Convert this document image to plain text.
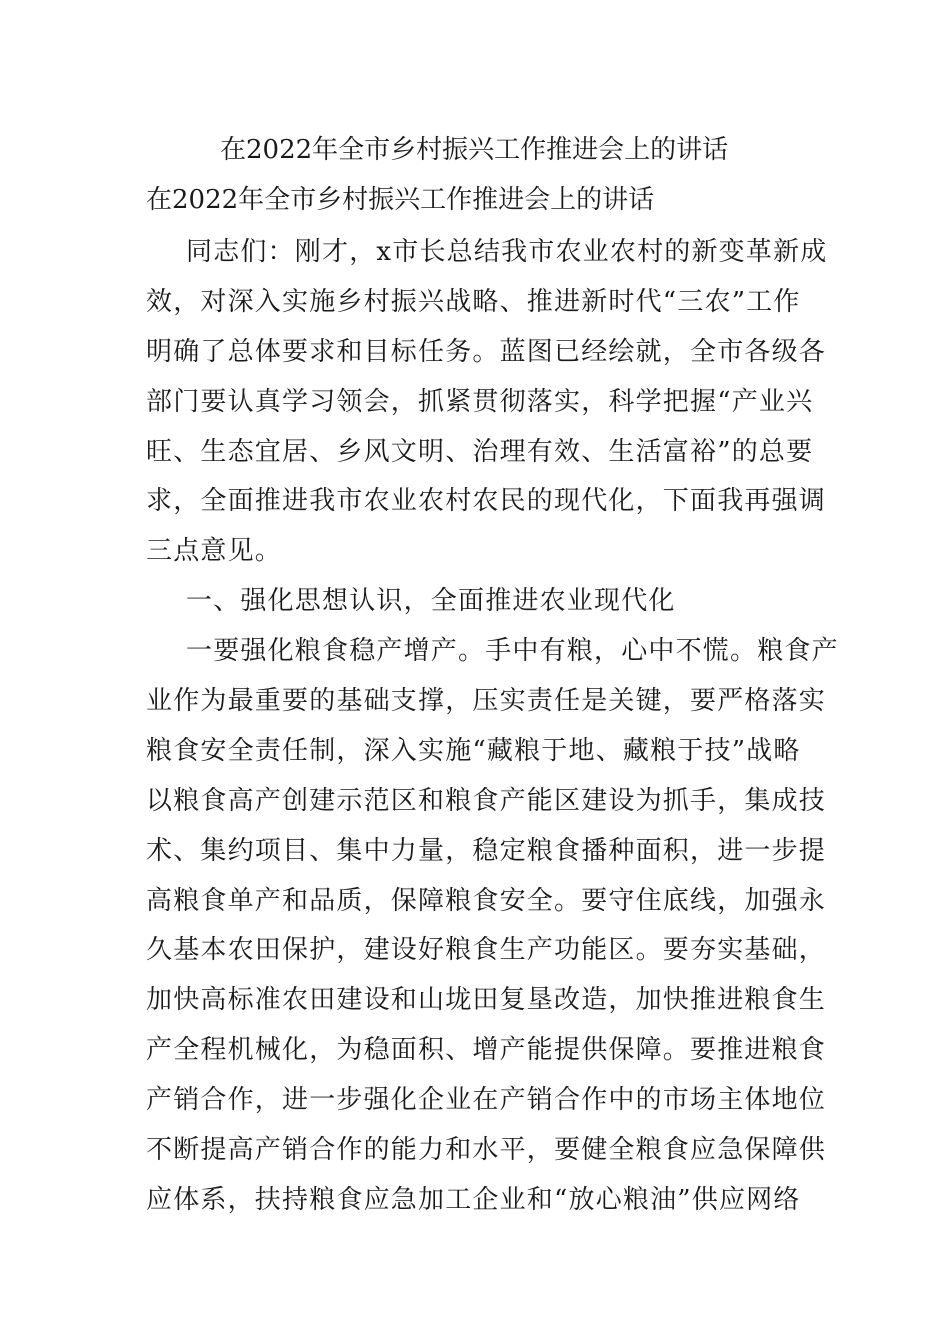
在2022年全市乡村振兴工作推进会上的讲话
在2022年全市乡村振兴工作推进会上的讲话
同志们：刚才，x市长总结我市农业农村的新变革新成
效，对深入实施乡村振兴战略、推进新时代“三农”工作
明确了总体要求和目标任务。蓝图已经绘就，全市各级各
部门要认真学习领会，抓紧贯彻落实，科学把握“产业兴
旺、生态宜居、乡风文明、治理有效、生活富裕”的总要
求，全面推进我市农业农村农民的现代化，下面我再强调
三点意见。
一、强化思想认识，全面推进农业现代化
一要强化粮食稳产增产。手中有粮，心中不慌。粮食产
业作为最重要的基础支撑，压实责任是关键，要严格落实
粮食安全责任制，深入实施“藏粮于地、藏粮于技”战略
以粮食高产创建示范区和粮食产能区建设为抓手，集成技
术、集约项目、集中力量，稳定粮食播种面积，进一步提
高粮食单产和品质，保障粮食安全。要守住底线，加强永
久基本农田保护，建设好粮食生产功能区。要夯实基础，
加快高标准农田建设和山垅田复垦改造，加快推进粮食生
产全程机械化，为稳面积、增产能提供保障。要推进粮食
产销合作，进一步强化企业在产销合作中的市场主体地位
不断提高产销合作的能力和水平，要健全粮食应急保障供
应体系，扶持粮食应急加工企业和“放心粮油”供应网络
